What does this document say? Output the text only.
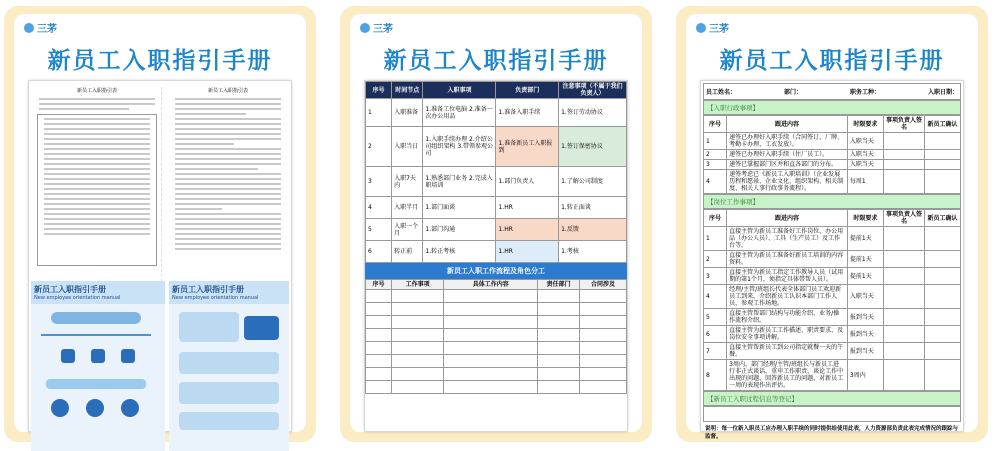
三茅
新员工入职指引手册
新员工入职指引表	新员工入职指引表
新员工入职指引手册
New employee orientation manual
新员工入职指引手册
New employee orientation manual
三茅
新员工入职指引手册
序号	时间节点	入职事项	负责部门	注意事项（不属于我们负责人）
1	入职准备	1.准备工位电脑 2.准备一次办公用品	1.准备入职手续	1.签订劳动协议
2	入职当日	1.入职手续办理 2.介绍公司组织架构 3.带领参观公司	1.准备新员工入职报到	1.签订保密协议
3	入职7天内	1.熟悉部门业务 2.完成入职培训	1.部门负责人	1.了解公司制度
4	入职半月	1.部门面谈	1.HR	1.转正面谈
5	入职一个月	1.部门沟通	1.HR	1.反馈
6	转正前	1.转正考核	1.HR	1.考核
新员工入职工作流程及角色分工
序号	工作事项	具体工作内容	责任部门	合同涉及

三茅
新员工入职指引手册
员工姓名：	部门：	职务工种：	入职日期：
【入职行政事项】
序号	跟进内容	时限要求	事项负责人签名	新员工确认
1	递签已办理好入职手续（合同签订、厂牌、考勤卡办理、工衣发放）。	入职当天		
2	递签已办理好入职手续（住厂员工）。	入职当天		
3	递签已掌握部门区并和直各部门的分布。	入职当天		
4	递签考虑已《新员工入职培训》（企业发展历程和愿景、企业文化、组织架构、相关制度、相关人事行政事务流程）。	每周1		
【岗位工作事项】
序号	跟进内容	时限要求	事项负责人签名	新员工确认
1	直接主管为新员工准备好工作岗位、办公用品（办公人员）、工具（生产员工）及工作台等。	提前1天		
2	直接主管为新员工准备好新员工培训的内容资料。	提前1天		
3	直接主管为新员工指定工作教导人员（试用期的第1个月，须指定具体带帮人员）。	提前1天		
4	经理/主管/班组长代表全体部门员工欢迎新员工到来，介绍新员工认识本部门工作人员，参观工作场地。	入职当天		
5	直接主管帮部门结构与功能介绍，业务/操作流程介绍。	报到当天		
6	直接主管为新员工工作描述、职责要求、及岗位安全事项讲解。	报到当天		
7	直接主管帮新员工到公司指定就餐一天的午餐。	报到当天		
8	3周内，部门经理/主管/班组长与新员工进行非正式谈话，重申工作职责、谈论工作中出现的问题、回答新员工的问题，对新员工一周的表现作出评估。	3周内		
【新员工入职过程信息等登记】
说明：每一位新入职员工应办理入职手续的同时提供给使用此表，人力资源部负责此表完成情况的跟踪与监督。
